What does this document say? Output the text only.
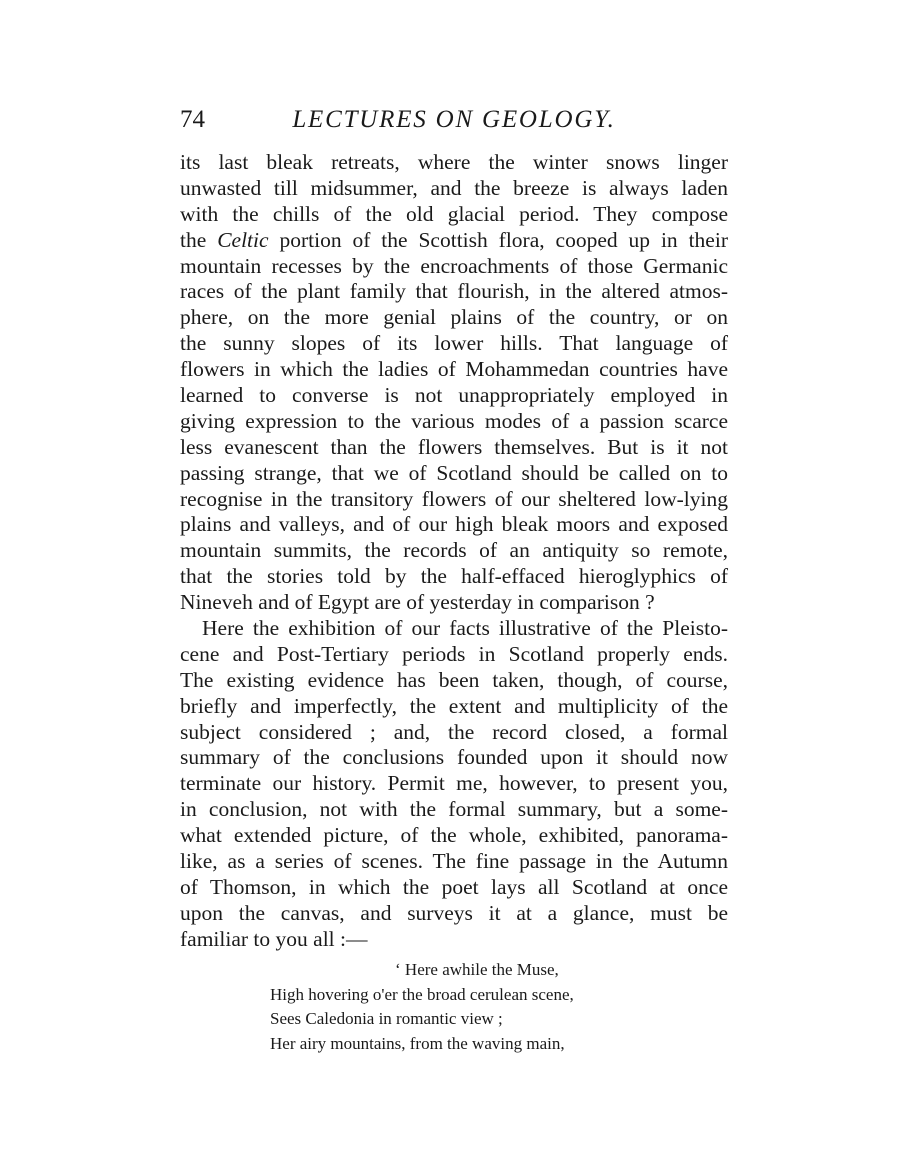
74	LECTURES ON GEOLOGY.
its last bleak retreats, where the winter snows linger
unwasted till midsummer, and the breeze is always laden
with the chills of the old glacial period. They compose
the Celtic portion of the Scottish flora, cooped up in their
mountain recesses by the encroachments of those Germanic
races of the plant family that flourish, in the altered atmos-
phere, on the more genial plains of the country, or on
the sunny slopes of its lower hills. That language of
flowers in which the ladies of Mohammedan countries have
learned to converse is not unappropriately employed in
giving expression to the various modes of a passion scarce
less evanescent than the flowers themselves. But is it not
passing strange, that we of Scotland should be called on to
recognise in the transitory flowers of our sheltered low-lying
plains and valleys, and of our high bleak moors and exposed
mountain summits, the records of an antiquity so remote,
that the stories told by the half-effaced hieroglyphics of
Nineveh and of Egypt are of yesterday in comparison ?
Here the exhibition of our facts illustrative of the Pleisto-
cene and Post-Tertiary periods in Scotland properly ends.
The existing evidence has been taken, though, of course,
briefly and imperfectly, the extent and multiplicity of the
subject considered ; and, the record closed, a formal
summary of the conclusions founded upon it should now
terminate our history. Permit me, however, to present you,
in conclusion, not with the formal summary, but a some-
what extended picture, of the whole, exhibited, panorama-
like, as a series of scenes. The fine passage in the Autumn
of Thomson, in which the poet lays all Scotland at once
upon the canvas, and surveys it at a glance, must be
familiar to you all :—
‘ Here awhile the Muse,
High hovering o'er the broad cerulean scene,
Sees Caledonia in romantic view ;
Her airy mountains, from the waving main,
